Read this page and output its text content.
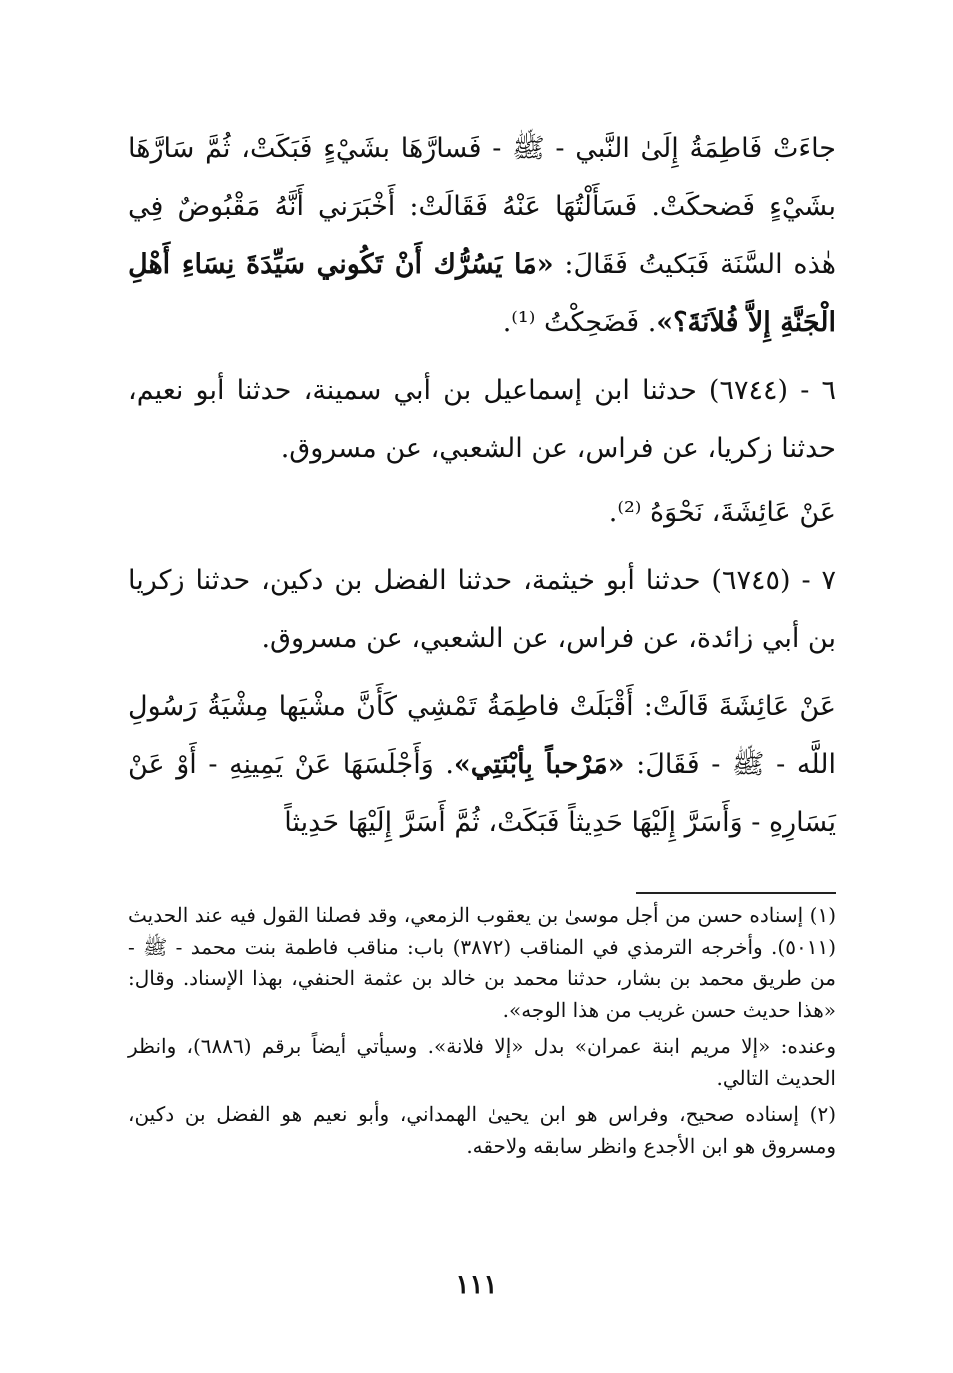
جاءَتْ فَاطِمَةُ إِلَىٰ النَّبي - ﷺ - فَسارَّهَا بشَيْءٍ فَبَكَتْ، ثُمَّ سَارَّهَا بشَيْءٍ فَضحكَتْ. فَسَأَلْتُهَا عَنْهُ فَقَالَتْ: أَخْبَرَني أَنَّهُ مَقْبُوضٌ فِي هٰذه السَّنَة فَبَكيتُ فَقَالَ: «مَا يَسُرُّك أَنْ تَكُوني سَيِّدَةَ نِسَاءِ أَهْلِ الْجَنَّةِ إِلاَّ فُلاَنَةَ؟». فَضَحِكْتُ ⁽¹⁾.

٦ - (٦٧٤٤) حدثنا ابن إسماعيل بن أبي سمينة، حدثنا أبو نعيم، حدثنا زكريا، عن فراس، عن الشعبي، عن مسروق.

عَنْ عَائِشَةَ، نَحْوَهُ ⁽²⁾.

٧ - (٦٧٤٥) حدثنا أبو خيثمة، حدثنا الفضل بن دكين، حدثنا زكريا بن أبي زائدة، عن فراس، عن الشعبي، عن مسروق.

عَنْ عَائِشَةَ قَالَتْ: أَقْبَلَتْ فاطِمَةُ تَمْشِي كَأَنَّ مشْيَها مِشْيَةُ رَسُولِ اللَّه - ﷺ - فَقَالَ: «مَرْحباً بِأبْنَتِي». وَأَجْلَسَهَا عَنْ يَمِينِهِ - أَوْ عَنْ يَسَارِهِ - وَأَسَرَّ إِلَيْهَا حَدِيثاً فَبَكَتْ، ثُمَّ أَسَرَّ إِلَيْهَا حَدِيثاً

(١) إسناده حسن من أجل موسىٰ بن يعقوب الزمعي، وقد فصلنا القول فيه عند الحديث (٥٠١١). وأخرجه الترمذي في المناقب (٣٨٧٢) باب: مناقب فاطمة بنت محمد - ﷺ - من طريق محمد بن بشار، حدثنا محمد بن خالد بن عثمة الحنفي، بهذا الإسناد. وقال: «هذا حديث حسن غريب من هذا الوجه».

وعنده: «إلا مريم ابنة عمران» بدل «إلا فلانة». وسيأتي أيضاً برقم (٦٨٨٦)، وانظر الحديث التالي.

(٢) إسناده صحيح، وفراس هو ابن يحيىٰ الهمداني، وأبو نعيم هو الفضل بن دكين، ومسروق هو ابن الأجدع وانظر سابقه ولاحقه.

١١١
